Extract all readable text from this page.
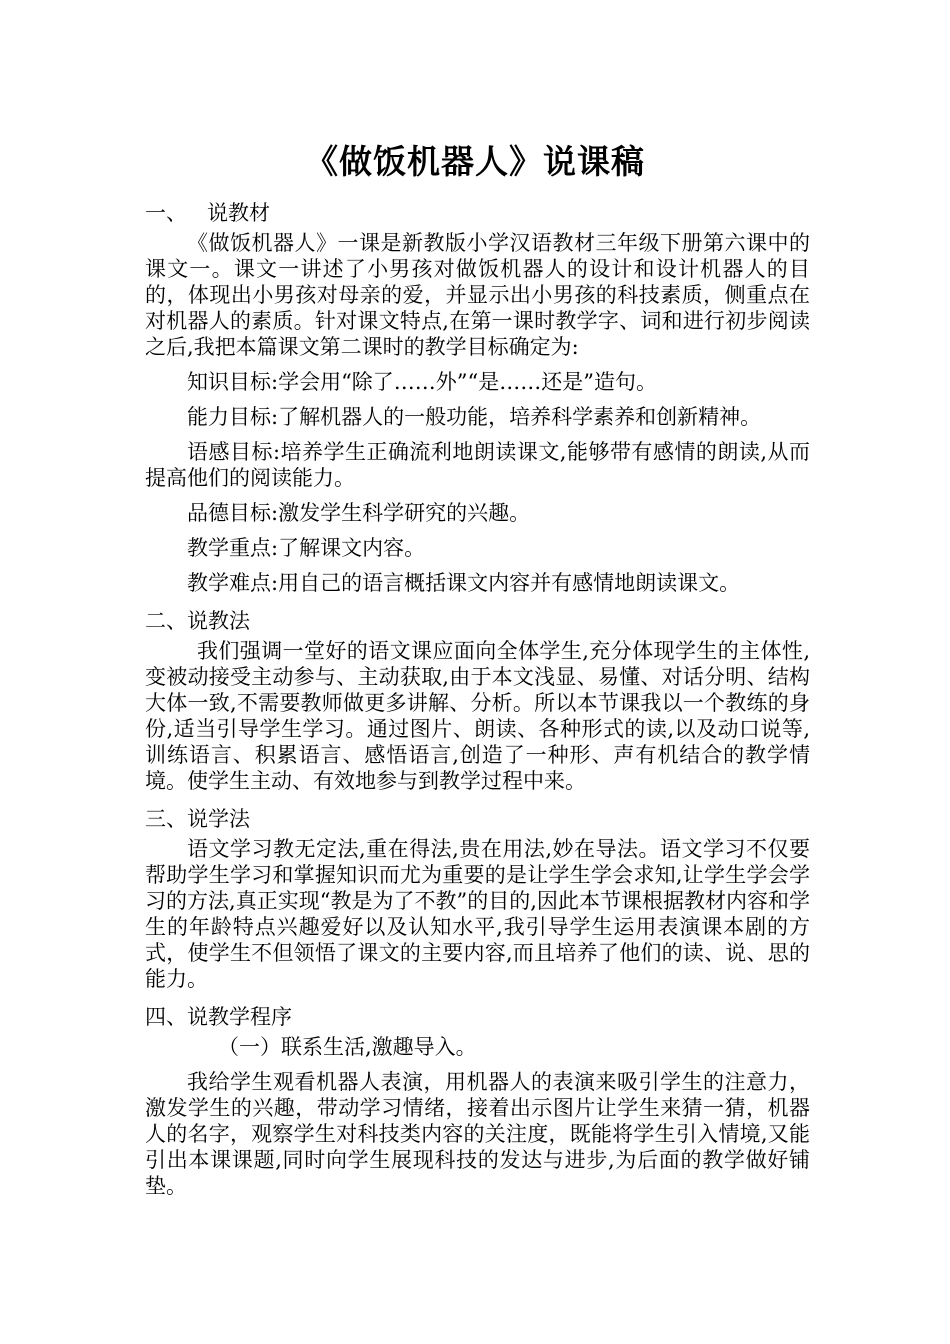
《做饭机器人》说课稿

一、 说教材

《做饭机器人》一课是新教版小学汉语教材三年级下册第六课中的课文一。课文一讲述了小男孩对做饭机器人的设计和设计机器人的目的，体现出小男孩对母亲的爱，并显示出小男孩的科技素质，侧重点在对机器人的素质。针对课文特点,在第一课时教学字、词和进行初步阅读之后,我把本篇课文第二课时的教学目标确定为:

知识目标:学会用“除了……外”“是……还是”造句。

能力目标:了解机器人的一般功能，培养科学素养和创新精神。

语感目标:培养学生正确流利地朗读课文,能够带有感情的朗读,从而提高他们的阅读能力。

品德目标:激发学生科学研究的兴趣。

教学重点:了解课文内容。

教学难点:用自己的语言概括课文内容并有感情地朗读课文。

二、说教法

我们强调一堂好的语文课应面向全体学生,充分体现学生的主体性,变被动接受主动参与、主动获取,由于本文浅显、易懂、对话分明、结构大体一致,不需要教师做更多讲解、分析。所以本节课我以一个教练的身份,适当引导学生学习。通过图片、朗读、各种形式的读,以及动口说等,训练语言、积累语言、感悟语言,创造了一种形、声有机结合的教学情境。使学生主动、有效地参与到教学过程中来。

三、说学法

语文学习教无定法,重在得法,贵在用法,妙在导法。语文学习不仅要帮助学生学习和掌握知识而尤为重要的是让学生学会求知,让学生学会学习的方法,真正实现“教是为了不教”的目的,因此本节课根据教材内容和学生的年龄特点兴趣爱好以及认知水平,我引导学生运用表演课本剧的方式，使学生不但领悟了课文的主要内容,而且培养了他们的读、说、思的能力。

四、说教学程序

（一）联系生活,激趣导入。

我给学生观看机器人表演，用机器人的表演来吸引学生的注意力，激发学生的兴趣，带动学习情绪，接着出示图片让学生来猜一猜，机器人的名字，观察学生对科技类内容的关注度，既能将学生引入情境,又能引出本课课题,同时向学生展现科技的发达与进步,为后面的教学做好铺垫。
